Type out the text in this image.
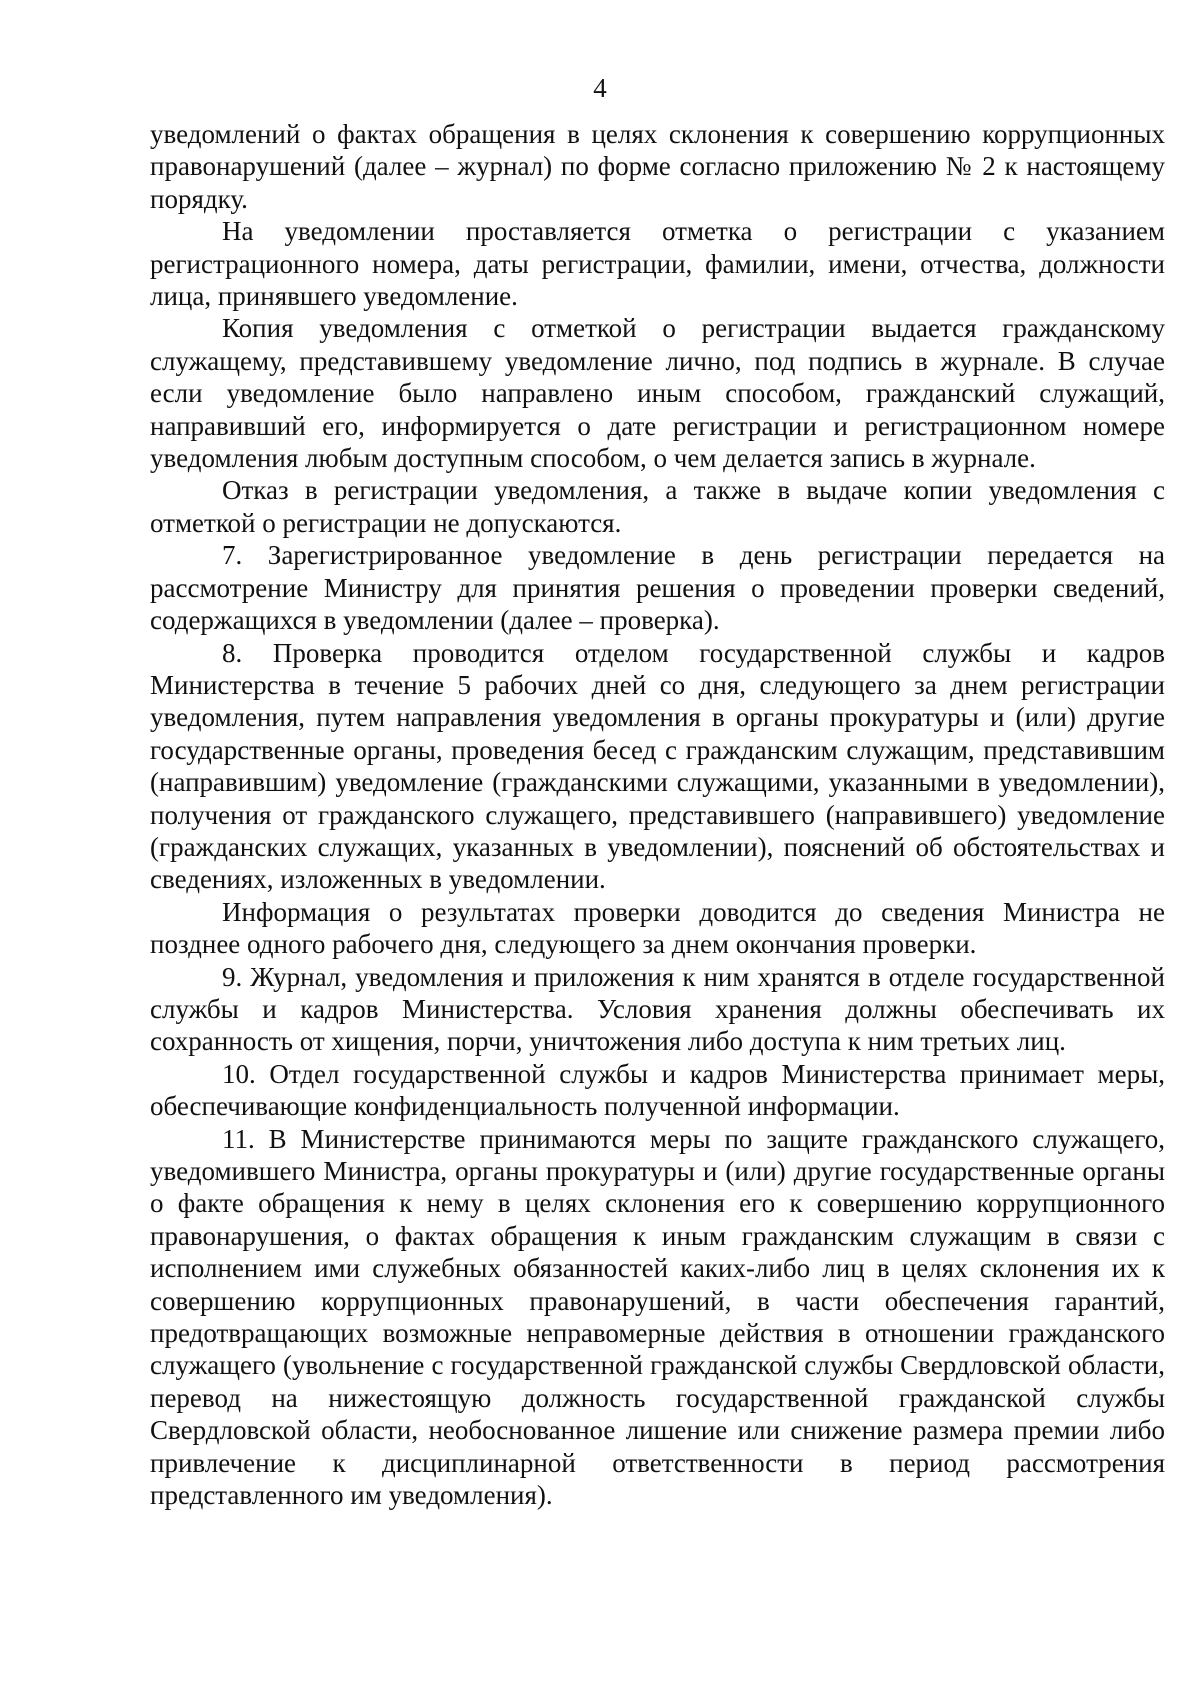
4

уведомлений о фактах обращения в целях склонения к совершению коррупционных правонарушений (далее – журнал) по форме согласно приложению № 2 к настоящему порядку.

На уведомлении проставляется отметка о регистрации с указанием регистрационного номера, даты регистрации, фамилии, имени, отчества, должности лица, принявшего уведомление.

Копия уведомления с отметкой о регистрации выдается гражданскому служащему, представившему уведомление лично, под подпись в журнале. В случае если уведомление было направлено иным способом, гражданский служащий, направивший его, информируется о дате регистрации и регистрационном номере уведомления любым доступным способом, о чем делается запись в журнале.

Отказ в регистрации уведомления, а также в выдаче копии уведомления с отметкой о регистрации не допускаются.

7. Зарегистрированное уведомление в день регистрации передается на рассмотрение Министру для принятия решения о проведении проверки сведений, содержащихся в уведомлении (далее – проверка).

8. Проверка проводится отделом государственной службы и кадров Министерства в течение 5 рабочих дней со дня, следующего за днем регистрации уведомления, путем направления уведомления в органы прокуратуры и (или) другие государственные органы, проведения бесед с гражданским служащим, представившим (направившим) уведомление (гражданскими служащими, указанными в уведомлении), получения от гражданского служащего, представившего (направившего) уведомление (гражданских служащих, указанных в уведомлении), пояснений об обстоятельствах и сведениях, изложенных в уведомлении.

Информация о результатах проверки доводится до сведения Министра не позднее одного рабочего дня, следующего за днем окончания проверки.

9. Журнал, уведомления и приложения к ним хранятся в отделе государственной службы и кадров Министерства. Условия хранения должны обеспечивать их сохранность от хищения, порчи, уничтожения либо доступа к ним третьих лиц.

10. Отдел государственной службы и кадров Министерства принимает меры, обеспечивающие конфиденциальность полученной информации.

11. В Министерстве принимаются меры по защите гражданского служащего, уведомившего Министра, органы прокуратуры и (или) другие государственные органы о факте обращения к нему в целях склонения его к совершению коррупционного правонарушения, о фактах обращения к иным гражданским служащим в связи с исполнением ими служебных обязанностей каких-либо лиц в целях склонения их к совершению коррупционных правонарушений, в части обеспечения гарантий, предотвращающих возможные неправомерные действия в отношении гражданского служащего (увольнение с государственной гражданской службы Свердловской области, перевод на нижестоящую должность государственной гражданской службы Свердловской области, необоснованное лишение или снижение размера премии либо привлечение к дисциплинарной ответственности в период рассмотрения представленного им уведомления).
